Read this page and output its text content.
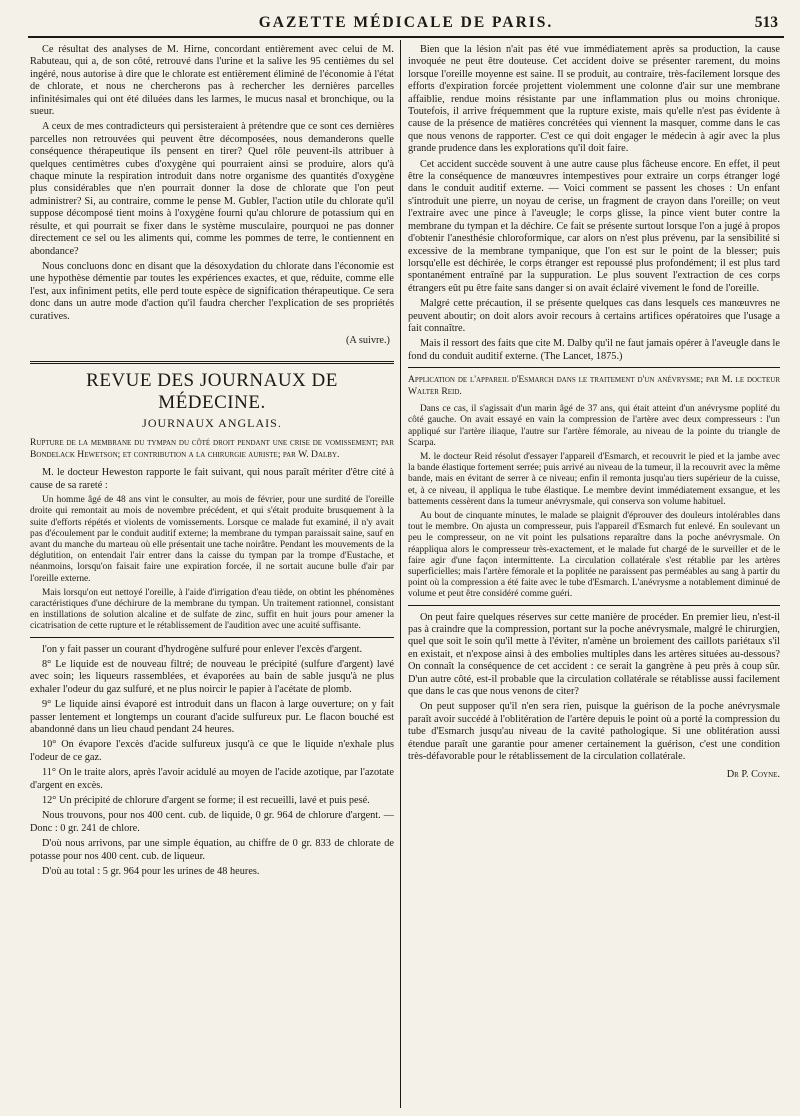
GAZETTE MÉDICALE DE PARIS.	513

Ce résultat des analyses de M. Hirne, concordant entièrement avec celui de M. Rabuteau, qui a, de son côté, retrouvé dans l'urine et la salive les 95 centièmes du sel ingéré, nous autorise à dire que le chlorate est entièrement éliminé de l'économie à l'état de chlorate, et nous ne chercherons pas à rechercher les dernières parcelles infinitésimales qui ont été diluées dans les larmes, le mucus nasal et bronchique, ou la sueur.

A ceux de mes contradicteurs qui persisteraient à prétendre que ce sont ces dernières parcelles non retrouvées qui peuvent être décomposées, nous demanderons quelle conséquence thérapeutique ils pensent en tirer? Quel rôle peuvent-ils attribuer à quelques centimètres cubes d'oxygène qui pourraient ainsi se produire, alors qu'à chaque minute la respiration introduit dans notre organisme des quantités d'oxygène plus considérables que n'en pourrait donner la dose de chlorate que l'on peut administrer? Si, au contraire, comme le pense M. Gubler, l'action utile du chlorate qu'il suppose décomposé tient moins à l'oxygène fourni qu'au chlorure de potassium qui en résulte, et qui pourrait se fixer dans le système musculaire, pourquoi ne pas donner directement ce sel ou les aliments qui, comme les pommes de terre, le contiennent en abondance?

Nous concluons donc en disant que la désoxydation du chlorate dans l'économie est une hypothèse démentie par toutes les expériences exactes, et que, réduite, comme elle l'est, aux infiniment petits, elle perd toute espèce de signification thérapeutique. Ce sera donc dans un autre mode d'action qu'il faudra chercher l'explication de ses propriétés curatives.

(A suivre.)

REVUE DES JOURNAUX DE MÉDECINE.
JOURNAUX ANGLAIS.
Rupture de la membrane du tympan du côté droit pendant une crise de vomissement; par Bondelack Hewetson; et contribution a la chirurgie auriste; par W. Dalby.

M. le docteur Heweston rapporte le fait suivant, qui nous paraît mériter d'être cité à cause de sa rareté :

Un homme âgé de 48 ans vint le consulter, au mois de février, pour une surdité de l'oreille droite qui remontait au mois de novembre précédent, et qui s'était produite brusquement à la suite d'efforts répétés et violents de vomissements. Lorsque ce malade fut examiné, il n'y avait pas d'écoulement par le conduit auditif externe; la membrane du tympan paraissait saine, sauf en avant du manche du marteau où elle présentait une tache noirâtre. Pendant les mouvements de la déglutition, on entendait l'air entrer dans la caisse du tympan par la trompe d'Eustache, et néanmoins, lorsqu'on faisait faire une expiration forcée, il ne sortait aucune bulle d'air par l'oreille externe.

Mais lorsqu'on eut nettoyé l'oreille, à l'aide d'irrigation d'eau tiède, on obtint les phénomènes caractéristiques d'une déchirure de la membrane du tympan. Un traitement rationnel, consistant en instillations de solution alcaline et de sulfate de zinc, suffit en huit jours pour amener la cicatrisation de cette rupture et le rétablissement de l'audition avec une acuité suffisante.

l'on y fait passer un courant d'hydrogène sulfuré pour enlever l'excès d'argent.

8° Le liquide est de nouveau filtré; de nouveau le précipité (sulfure d'argent) lavé avec soin; les liqueurs rassemblées, et évaporées au bain de sable jusqu'à ne plus exhaler l'odeur du gaz sulfuré, et ne plus noircir le papier à l'acétate de plomb.

9° Le liquide ainsi évaporé est introduit dans un flacon à large ouverture; on y fait passer lentement et longtemps un courant d'acide sulfureux pur. Le flacon bouché est abandonné dans un lieu chaud pendant 24 heures.

10° On évapore l'excès d'acide sulfureux jusqu'à ce que le liquide n'exhale plus l'odeur de ce gaz.

11° On le traite alors, après l'avoir acidulé au moyen de l'acide azotique, par l'azotate d'argent en excès.

12° Un précipité de chlorure d'argent se forme; il est recueilli, lavé et puis pesé.

Nous trouvons, pour nos 400 cent. cub. de liquide, 0 gr. 964 de chlorure d'argent. — Donc : 0 gr. 241 de chlore.

D'où nous arrivons, par une simple équation, au chiffre de 0 gr. 833 de chlorate de potasse pour nos 400 cent. cub. de liqueur.

D'où au total : 5 gr. 964 pour les urines de 48 heures.

Bien que la lésion n'ait pas été vue immédiatement après sa production, la cause invoquée ne peut être douteuse. Cet accident doive se présenter rarement, du moins lorsque l'oreille moyenne est saine. Il se produit, au contraire, très-facilement lorsque des efforts d'expiration forcée projettent violemment une colonne d'air sur une membrane affaiblie, rendue moins résistante par une inflammation plus ou moins chronique. Toutefois, il arrive fréquemment que la rupture existe, mais qu'elle n'est pas évidente à cause de la présence de matières concrétées qui viennent la masquer, comme dans le cas que nous venons de rapporter. C'est ce qui doit engager le médecin à agir avec la plus grande prudence dans les explorations qu'il doit faire.

Cet accident succède souvent à une autre cause plus fâcheuse encore. En effet, il peut être la conséquence de manœuvres intempestives pour extraire un corps étranger logé dans le conduit auditif externe. — Voici comment se passent les choses : Un enfant s'introduit une pierre, un noyau de cerise, un fragment de crayon dans l'oreille; on veut l'extraire avec une pince à l'aveugle; le corps glisse, la pince vient buter contre la membrane du tympan et la déchire. Ce fait se présente surtout lorsque l'on a jugé à propos d'obtenir l'anesthésie chloroformique, car alors on n'est plus prévenu, par la sensibilité si excessive de la membrane tympanique, que l'on est sur le point de la blesser; puis lorsqu'elle est déchirée, le corps étranger est repoussé plus profondément; il est plus tard spontanément entraîné par la suppuration. Le plus souvent l'extraction de ces corps étrangers eût pu être faite sans danger si on avait éclairé vivement le fond de l'oreille.

Malgré cette précaution, il se présente quelques cas dans lesquels ces manœuvres ne peuvent aboutir; on doit alors avoir recours à certains artifices opératoires que l'usage a fait connaître.

Mais il ressort des faits que cite M. Dalby qu'il ne faut jamais opérer à l'aveugle dans le fond du conduit auditif externe. (The Lancet, 1875.)

Application de l'appareil d'Esmarch dans le traitement d'un anévrysme; par M. le docteur Walter Reid.

Dans ce cas, il s'agissait d'un marin âgé de 37 ans, qui était atteint d'un anévrysme poplité du côté gauche. On avait essayé en vain la compression de l'artère avec deux compresseurs : l'un appliqué sur l'artère iliaque, l'autre sur l'artère fémorale, au niveau de la pointe du triangle de Scarpa.

M. le docteur Reid résolut d'essayer l'appareil d'Esmarch, et recouvrit le pied et la jambe avec la bande élastique fortement serrée; puis arrivé au niveau de la tumeur, il la recouvrit avec la même bande, mais en évitant de serrer à ce niveau; enfin il remonta jusqu'au tiers supérieur de la cuisse, et, à ce niveau, il appliqua le tube élastique. Le membre devint immédiatement exsangue, et les battements cessèrent dans la tumeur anévrysmale, qui conserva son volume habituel.

Au bout de cinquante minutes, le malade se plaignit d'éprouver des douleurs intolérables dans tout le membre. On ajusta un compresseur, puis l'appareil d'Esmarch fut enlevé. En soulevant un peu le compresseur, on ne vit point les pulsations reparaître dans la poche anévrysmale. On réappliqua alors le compresseur très-exactement, et le malade fut chargé de le surveiller et de le faire agir d'une façon intermittente. La circulation collatérale s'est rétablie par les artères superficielles; mais l'artère fémorale et la poplitée ne paraissent pas perméables au sang à partir du point où la compression a été faite avec le tube d'Esmarch. L'anévrysme a notablement diminué de volume et peut être considéré comme guéri.

On peut faire quelques réserves sur cette manière de procéder. En premier lieu, n'est-il pas à craindre que la compression, portant sur la poche anévrysmale, malgré le chirurgien, quel que soit le soin qu'il mette à l'éviter, n'amène un broiement des caillots pariétaux s'il en existait, et n'expose ainsi à des embolies multiples dans les artères situées au-dessous? On connaît la conséquence de cet accident : ce serait la gangrène à peu près à coup sûr. D'un autre côté, est-il probable que la circulation collatérale se rétablisse aussi facilement que dans le cas que nous venons de citer?

On peut supposer qu'il n'en sera rien, puisque la guérison de la poche anévrysmale paraît avoir succédé à l'oblitération de l'artère depuis le point où a porté la compression du tube d'Esmarch jusqu'au niveau de la cavité pathologique. Si une oblitération aussi étendue paraît une garantie pour amener certainement la guérison, c'est une condition très-défavorable pour le rétablissement de la circulation collatérale.

Dr P. Coyne.
